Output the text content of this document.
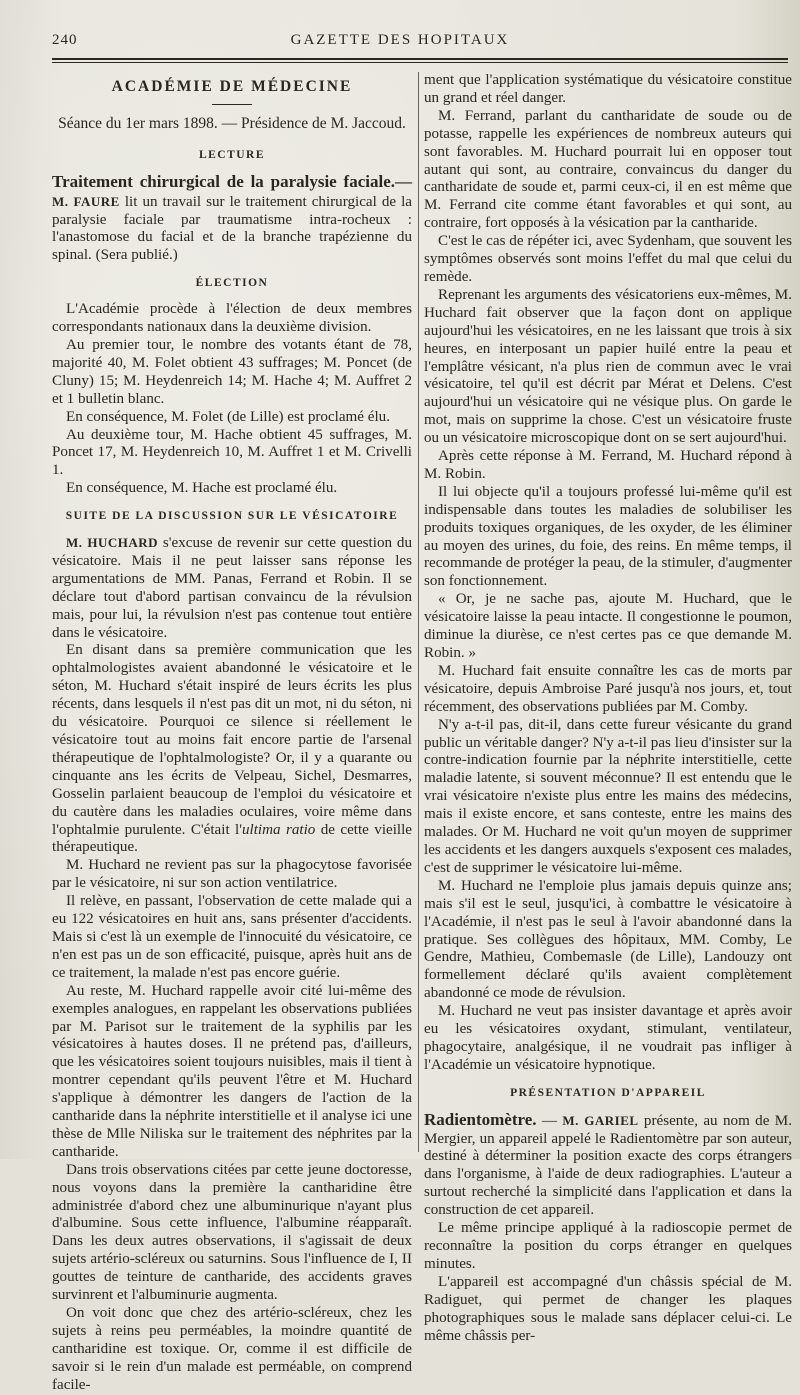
240	GAZETTE DES HOPITAUX
ACADÉMIE DE MÉDECINE
Séance du 1er mars 1898. — Présidence de M. Jaccoud.
LECTURE

Traitement chirurgical de la paralysie faciale.—M. FAURE lit un travail sur le traitement chirurgical de la paralysie faciale par traumatisme intra-rocheux : l'anastomose du facial et de la branche trapézienne du spinal. (Sera publié.)

ÉLECTION

L'Académie procède à l'élection de deux membres correspondants nationaux dans la deuxième division.

Au premier tour, le nombre des votants étant de 78, majorité 40, M. Folet obtient 43 suffrages; M. Poncet (de Cluny) 15; M. Heydenreich 14; M. Hache 4; M. Auffret 2 et 1 bulletin blanc.

En conséquence, M. Folet (de Lille) est proclamé élu.

Au deuxième tour, M. Hache obtient 45 suffrages, M. Poncet 17, M. Heydenreich 10, M. Auffret 1 et M. Crivelli 1.

En conséquence, M. Hache est proclamé élu.

SUITE DE LA DISCUSSION SUR LE VÉSICATOIRE

M. HUCHARD s'excuse de revenir sur cette question du vésicatoire. Mais il ne peut laisser sans réponse les argumentations de MM. Panas, Ferrand et Robin. Il se déclare tout d'abord partisan convaincu de la révulsion mais, pour lui, la révulsion n'est pas contenue tout entière dans le vésicatoire.

En disant dans sa première communication que les ophtalmologistes avaient abandonné le vésicatoire et le séton, M. Huchard s'était inspiré de leurs écrits les plus récents, dans lesquels il n'est pas dit un mot, ni du séton, ni du vésicatoire. Pourquoi ce silence si réellement le vésicatoire tout au moins fait encore partie de l'arsenal thérapeutique de l'ophtalmologiste? Or, il y a quarante ou cinquante ans les écrits de Velpeau, Sichel, Desmarres, Gosselin parlaient beaucoup de l'emploi du vésicatoire et du cautère dans les maladies oculaires, voire même dans l'ophtalmie purulente. C'était l'ultima ratio de cette vieille thérapeutique.

M. Huchard ne revient pas sur la phagocytose favorisée par le vésicatoire, ni sur son action ventilatrice.

Il relève, en passant, l'observation de cette malade qui a eu 122 vésicatoires en huit ans, sans présenter d'accidents. Mais si c'est là un exemple de l'innocuité du vésicatoire, ce n'en est pas un de son efficacité, puisque, après huit ans de ce traitement, la malade n'est pas encore guérie.

Au reste, M. Huchard rappelle avoir cité lui-même des exemples analogues, en rappelant les observations publiées par M. Parisot sur le traitement de la syphilis par les vésicatoires à hautes doses. Il ne prétend pas, d'ailleurs, que les vésicatoires soient toujours nuisibles, mais il tient à montrer cependant qu'ils peuvent l'être et M. Huchard s'applique à démontrer les dangers de l'action de la cantharide dans la néphrite interstitielle et il analyse ici une thèse de Mlle Niliska sur le traitement des néphrites par la cantharide.

Dans trois observations citées par cette jeune doctoresse, nous voyons dans la première la cantharidine être administrée d'abord chez une albuminurique n'ayant plus d'albumine. Sous cette influence, l'albumine réapparaît. Dans les deux autres observations, il s'agissait de deux sujets artério-scléreux ou saturnins. Sous l'influence de I, II gouttes de teinture de cantharide, des accidents graves survinrent et l'albuminurie augmenta.

On voit donc que chez des artério-scléreux, chez les sujets à reins peu perméables, la moindre quantité de cantharidine est toxique. Or, comme il est difficile de savoir si le rein d'un malade est perméable, on comprend facile-

ment que l'application systématique du vésicatoire constitue un grand et réel danger.

M. Ferrand, parlant du cantharidate de soude ou de potasse, rappelle les expériences de nombreux auteurs qui sont favorables. M. Huchard pourrait lui en opposer tout autant qui sont, au contraire, convaincus du danger du cantharidate de soude et, parmi ceux-ci, il en est même que M. Ferrand cite comme étant favorables et qui sont, au contraire, fort opposés à la vésication par la cantharide.

C'est le cas de répéter ici, avec Sydenham, que souvent les symptômes observés sont moins l'effet du mal que celui du remède.

Reprenant les arguments des vésicatoriens eux-mêmes, M. Huchard fait observer que la façon dont on applique aujourd'hui les vésicatoires, en ne les laissant que trois à six heures, en interposant un papier huilé entre la peau et l'emplâtre vésicant, n'a plus rien de commun avec le vrai vésicatoire, tel qu'il est décrit par Mérat et Delens. C'est aujourd'hui un vésicatoire qui ne vésique plus. On garde le mot, mais on supprime la chose. C'est un vésicatoire fruste ou un vésicatoire microscopique dont on se sert aujourd'hui.

Après cette réponse à M. Ferrand, M. Huchard répond à M. Robin.

Il lui objecte qu'il a toujours professé lui-même qu'il est indispensable dans toutes les maladies de solubiliser les produits toxiques organiques, de les oxyder, de les éliminer au moyen des urines, du foie, des reins. En même temps, il recommande de protéger la peau, de la stimuler, d'augmenter son fonctionnement.

« Or, je ne sache pas, ajoute M. Huchard, que le vésicatoire laisse la peau intacte. Il congestionne le poumon, diminue la diurèse, ce n'est certes pas ce que demande M. Robin. »

M. Huchard fait ensuite connaître les cas de morts par vésicatoire, depuis Ambroise Paré jusqu'à nos jours, et, tout récemment, des observations publiées par M. Comby.

N'y a-t-il pas, dit-il, dans cette fureur vésicante du grand public un véritable danger? N'y a-t-il pas lieu d'insister sur la contre-indication fournie par la néphrite interstitielle, cette maladie latente, si souvent méconnue? Il est entendu que le vrai vésicatoire n'existe plus entre les mains des médecins, mais il existe encore, et sans conteste, entre les mains des malades. Or M. Huchard ne voit qu'un moyen de supprimer les accidents et les dangers auxquels s'exposent ces malades, c'est de supprimer le vésicatoire lui-même.

M. Huchard ne l'emploie plus jamais depuis quinze ans; mais s'il est le seul, jusqu'ici, à combattre le vésicatoire à l'Académie, il n'est pas le seul à l'avoir abandonné dans la pratique. Ses collègues des hôpitaux, MM. Comby, Le Gendre, Mathieu, Combemasle (de Lille), Landouzy ont formellement déclaré qu'ils avaient complètement abandonné ce mode de révulsion.

M. Huchard ne veut pas insister davantage et après avoir eu les vésicatoires oxydant, stimulant, ventilateur, phagocytaire, analgésique, il ne voudrait pas infliger à l'Académie un vésicatoire hypnotique.

PRÉSENTATION D'APPAREIL

Radientomètre. — M. GARIEL présente, au nom de M. Mergier, un appareil appelé le Radientomètre par son auteur, destiné à déterminer la position exacte des corps étrangers dans l'organisme, à l'aide de deux radiographies. L'auteur a surtout recherché la simplicité dans l'application et dans la construction de cet appareil.

Le même principe appliqué à la radioscopie permet de reconnaître la position du corps étranger en quelques minutes.

L'appareil est accompagné d'un châssis spécial de M. Radiguet, qui permet de changer les plaques photographiques sous le malade sans déplacer celui-ci. Le même châssis per-
